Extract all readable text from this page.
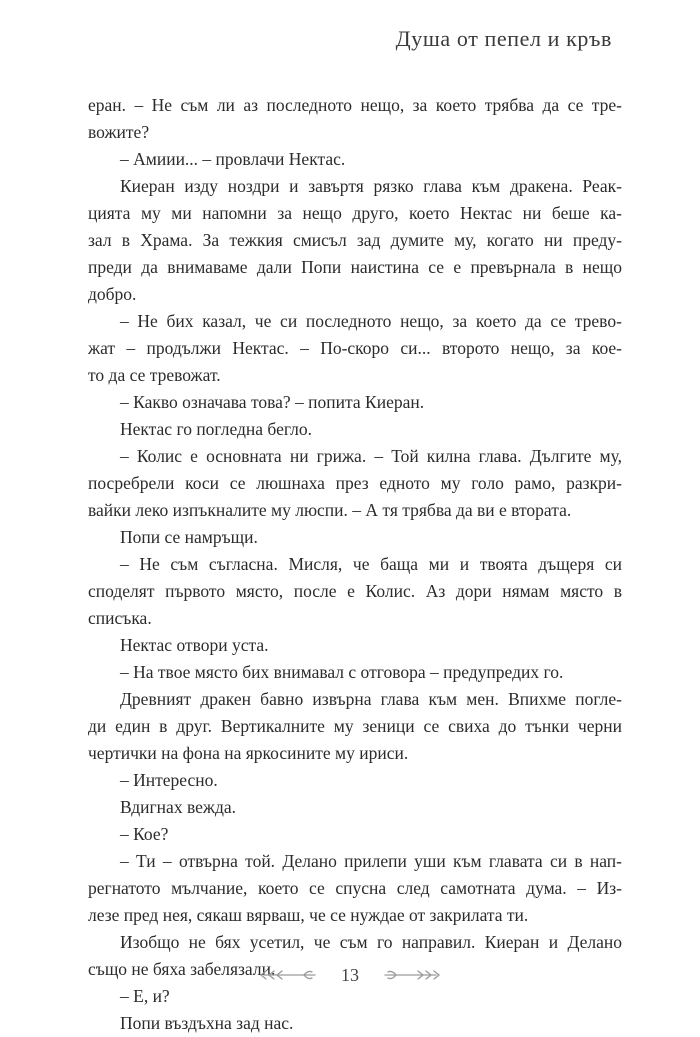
Душа от пепел и кръв
еран. – Не съм ли аз последното нещо, за което трябва да се тре-
вожите?
– Амиии... – провлачи Нектас.
Киеран изду ноздри и завъртя рязко глава към дракена. Реак-
цията му ми напомни за нещо друго, което Нектас ни беше ка-
зал в Храма. За тежкия смисъл зад думите му, когато ни преду-
преди да внимаваме дали Попи наистина се е превърнала в нещо
добро.
– Не бих казал, че си последното нещо, за което да се тревo-
жат – продължи Нектас. – По-скоро си... второто нещо, за кое-
то да се тревожат.
– Какво означава това? – попита Киеран.
Нектас го погледна бегло.
– Колис е основната ни грижа. – Той килна глава. Дългите му,
посребрели коси се люшнаха през едното му голо рамо, разкри-
вайки леко изпъкналите му люспи. – А тя трябва да ви е втората.
Попи се намръщи.
– Не съм съгласна. Мисля, че баща ми и твоята дъщеря си
споделят първото място, после е Колис. Аз дори нямам място в
списъка.
Нектас отвори уста.
– На твое място бих внимавал с отговора – предупредих го.
Древният дракен бавно извърна глава към мен. Впихме погле-
ди един в друг. Вертикалните му зеници се свиха до тънки черни
чертички на фона на яркосините му ириси.
– Интересно.
Вдигнах вежда.
– Кое?
– Ти – отвърна той. Делано прилепи уши към главата си в нап-
регнатото мълчание, което се спусна след самотната дума. – Из-
лезе пред нея, сякаш вярваш, че се нуждае от закрилата ти.
Изобщо не бях усетил, че съм го направил. Киеран и Делано
също не бяха забелязали.
– Е, и?
Попи въздъхна зад нас.
13
